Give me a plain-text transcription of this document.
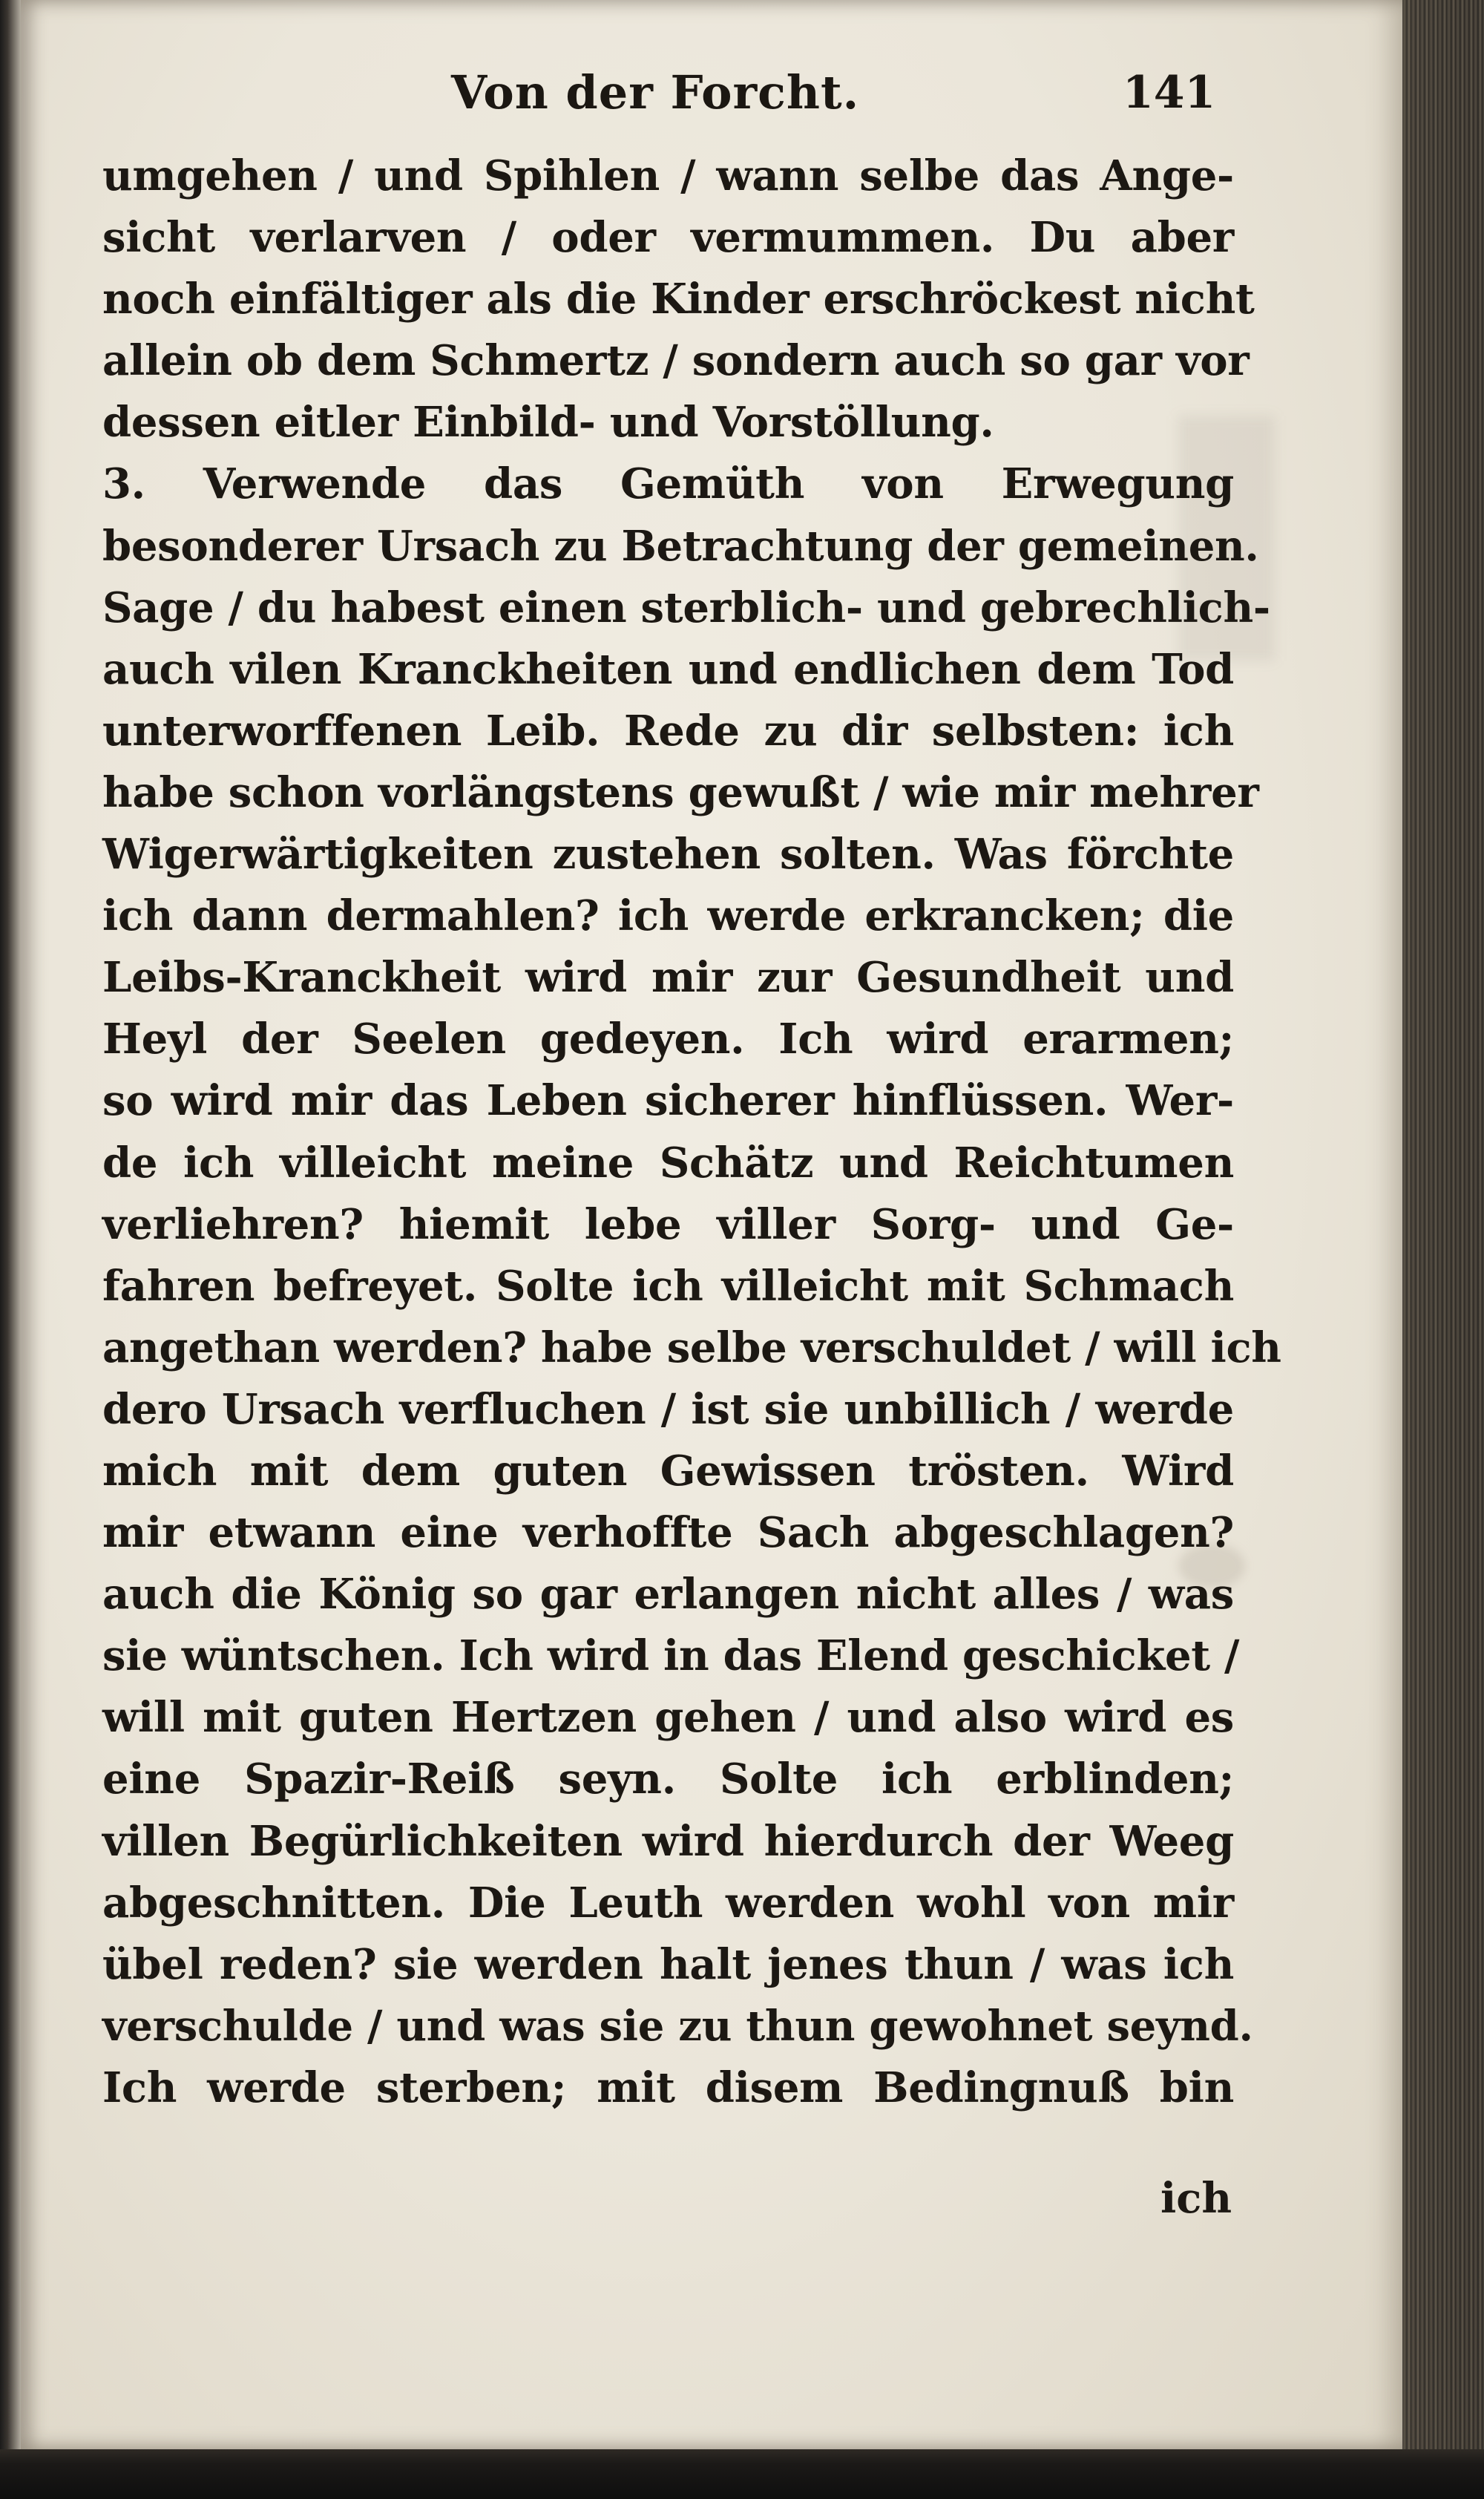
Von der Forcht.	141
umgehen / und Spihlen / wann selbe das Ange-
sicht verlarven / oder vermummen. Du aber
noch einfältiger als die Kinder erschröckest nicht
allein ob dem Schmertz / sondern auch so gar vor
dessen eitler Einbild- und Vorstöllung.
3. Verwende das Gemüth von Erwegung
besonderer Ursach zu Betrachtung der gemeinen.
Sage / du habest einen sterblich- und gebrechlich-
auch vilen Kranckheiten und endlichen dem Tod
unterworffenen Leib. Rede zu dir selbsten: ich
habe schon vorlängstens gewußt / wie mir mehrer
Wigerwärtigkeiten zustehen solten. Was förchte
ich dann dermahlen? ich werde erkrancken; die
Leibs-Kranckheit wird mir zur Gesundheit und
Heyl der Seelen gedeyen. Ich wird erarmen;
so wird mir das Leben sicherer hinflüssen. Wer-
de ich villeicht meine Schätz und Reichtumen
verliehren? hiemit lebe viller Sorg- und Ge-
fahren befreyet. Solte ich villeicht mit Schmach
angethan werden? habe selbe verschuldet / will ich
dero Ursach verfluchen / ist sie unbillich / werde
mich mit dem guten Gewissen trösten. Wird
mir etwann eine verhoffte Sach abgeschlagen?
auch die König so gar erlangen nicht alles / was
sie wüntschen. Ich wird in das Elend geschicket /
will mit guten Hertzen gehen / und also wird es
eine Spazir-Reiß seyn. Solte ich erblinden;
villen Begürlichkeiten wird hierdurch der Weeg
abgeschnitten. Die Leuth werden wohl von mir
übel reden? sie werden halt jenes thun / was ich
verschulde / und was sie zu thun gewohnet seynd.
Ich werde sterben; mit disem Bedingnuß bin
ich
